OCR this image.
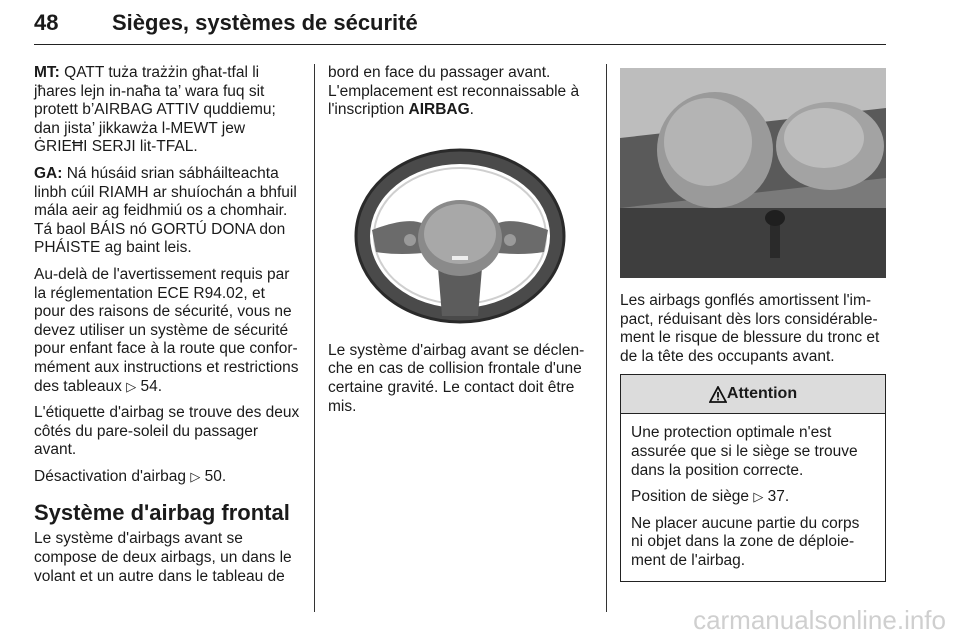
48 Sièges, systèmes de sécurité

MT: QATT tuża trażżin għat-tfal li jħares lejn in-naħa ta’ wara fuq sit protett b’AIRBAG ATTIV quddiemu; dan jista’ jikkawża l-MEWT jew ĠRIEĦI SERJI lit-TFAL.

GA: Ná húsáid srian sábháilteachta linbh cúil RIAMH ar shuíochán a bhfuil mála aeir ag feidhmiú os a chomhair. Tá baol BÁIS nó GORTÚ DONA don PHÁISTE ag baint leis.

Au-delà de l'avertissement requis par la réglementation ECE R94.02, et pour des raisons de sécurité, vous ne devez utiliser un système de sécurité pour enfant face à la route que conformément aux instructions et restrictions des tableaux ▷ 54.

L'étiquette d'airbag se trouve des deux côtés du pare-soleil du passager avant.

Désactivation d'airbag ▷ 50.

Système d'airbag frontal

Le système d'airbags avant se compose de deux airbags, un dans le volant et un autre dans le tableau de

bord en face du passager avant.

L'emplacement est reconnaissable à l'inscription AIRBAG.

Le système d'airbag avant se déclenche en cas de collision frontale d'une certaine gravité. Le contact doit être mis.

Les airbags gonflés amortissent l'impact, réduisant dès lors considérablement le risque de blessure du tronc et de la tête des occupants avant.

Attention

Une protection optimale n'est assurée que si le siège se trouve dans la position correcte.

Position de siège ▷ 37.

Ne placer aucune partie du corps ni objet dans la zone de déploiement de l'airbag.

carmanualsonline.info
